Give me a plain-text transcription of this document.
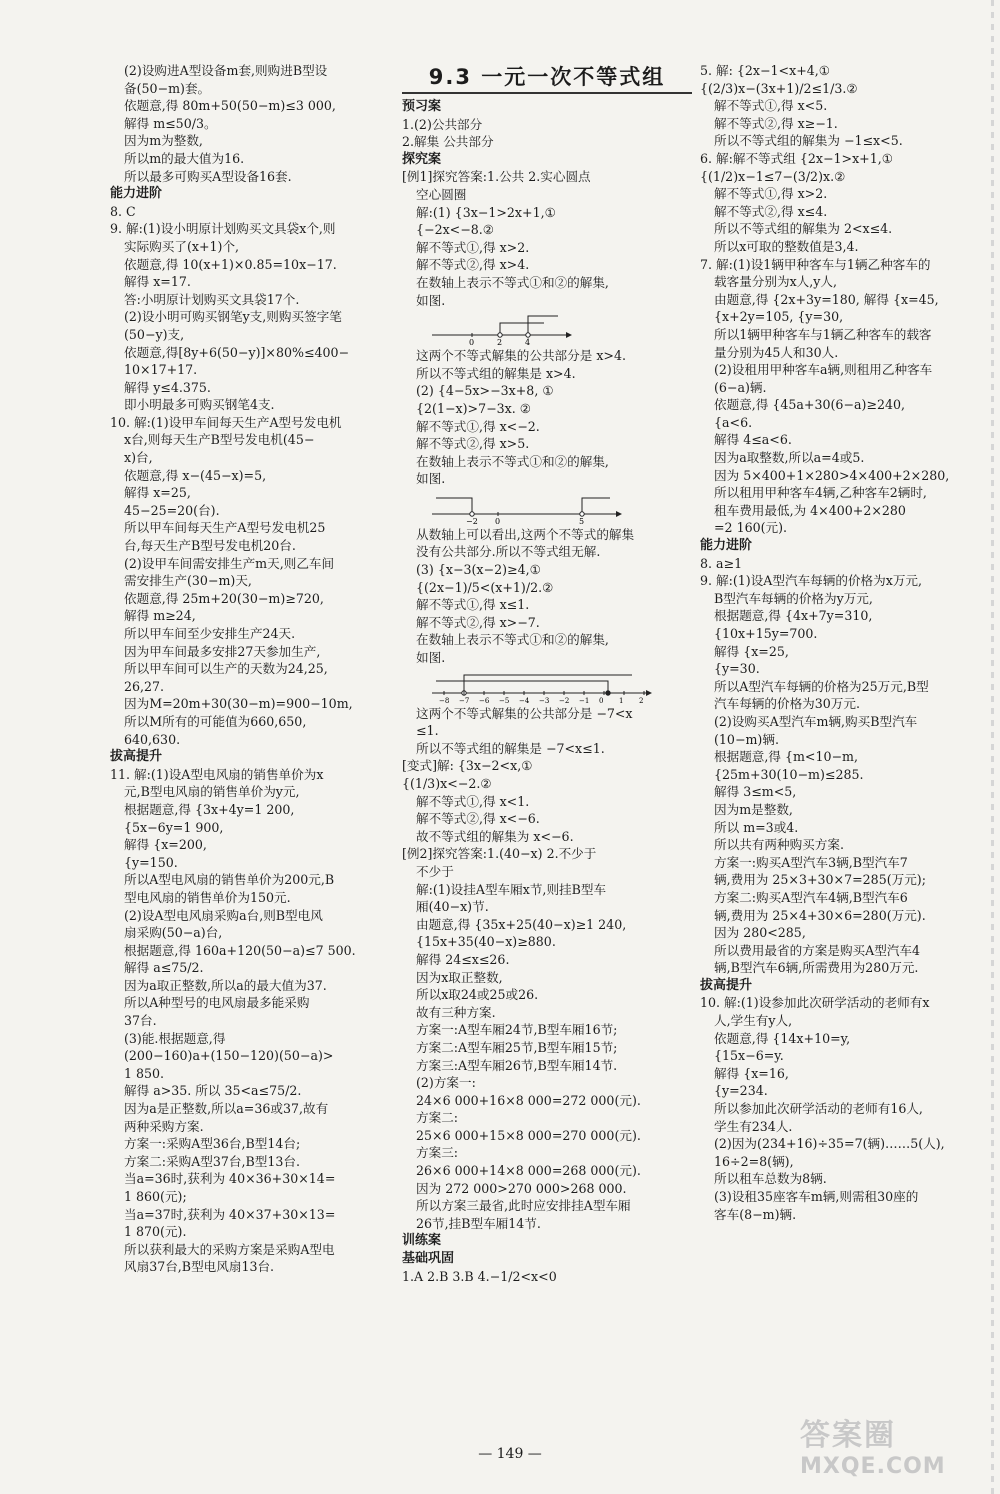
(2)设购进A型设备m套,则购进B型设
备(50−m)套。
依题意,得 80m+50(50−m)≤3 000,
解得 m≤50/3。
因为m为整数,
所以m的最大值为16.
所以最多可购买A型设备16套.
能力进阶
8. C
9. 解:(1)设小明原计划购买文具袋x个,则
实际购买了(x+1)个,
依题意,得 10(x+1)×0.85=10x−17.
解得 x=17.
答:小明原计划购买文具袋17个.
(2)设小明可购买钢笔y支,则购买签字笔
(50−y)支,
依题意,得[8y+6(50−y)]×80%≤400−
10×17+17.
解得 y≤4.375.
即小明最多可购买钢笔4支.
10. 解:(1)设甲车间每天生产A型号发电机
x台,则每天生产B型号发电机(45−
x)台,
依题意,得 x−(45−x)=5,
解得 x=25,
45−25=20(台).
所以甲车间每天生产A型号发电机25
台,每天生产B型号发电机20台.
(2)设甲车间需安排生产m天,则乙车间
需安排生产(30−m)天,
依题意,得 25m+20(30−m)≥720,
解得 m≥24,
所以甲车间至少安排生产24天.
因为甲车间最多安排27天参加生产,
所以甲车间可以生产的天数为24,25,
26,27.
因为M=20m+30(30−m)=900−10m,
所以M所有的可能值为660,650,
640,630.
拔高提升
11. 解:(1)设A型电风扇的销售单价为x
元,B型电风扇的销售单价为y元,
根据题意,得 {3x+4y=1 200,
{5x−6y=1 900,
解得 {x=200,
{y=150.
所以A型电风扇的销售单价为200元,B
型电风扇的销售单价为150元.
(2)设A型电风扇采购a台,则B型电风
扇采购(50−a)台,
根据题意,得 160a+120(50−a)≤7 500.
解得 a≤75/2.
因为a取正整数,所以a的最大值为37.
所以A种型号的电风扇最多能采购
37台.
(3)能.根据题意,得
(200−160)a+(150−120)(50−a)>
1 850.
解得 a>35. 所以 35<a≤75/2.
因为a是正整数,所以a=36或37,故有
两种采购方案.
方案一:采购A型36台,B型14台;
方案二:采购A型37台,B型13台.
当a=36时,获利为 40×36+30×14=
1 860(元);
当a=37时,获利为 40×37+30×13=
1 870(元).
所以获利最大的采购方案是采购A型电
风扇37台,B型电风扇13台.
9.3 一元一次不等式组
预习案
1.(2)公共部分
2.解集 公共部分
探究案
[例1]探究答案:1.公共 2.实心圆点
空心圆圈
解:(1) {3x−1>2x+1,①
{−2x<−8.②
解不等式①,得 x>2.
解不等式②,得 x>4.
在数轴上表示不等式①和②的解集,
如图.
0	2	4
这两个不等式解集的公共部分是 x>4.
所以不等式组的解集是 x>4.
(2) {4−5x>−3x+8, ①
{2(1−x)>7−3x. ②
解不等式①,得 x<−2.
解不等式②,得 x>5.
在数轴上表示不等式①和②的解集,
如图.
−2 0	5
从数轴上可以看出,这两个不等式的解集
没有公共部分.所以不等式组无解.
(3) {x−3(x−2)≥4,①
{(2x−1)/5<(x+1)/2.②
解不等式①,得 x≤1.
解不等式②,得 x>−7.
在数轴上表示不等式①和②的解集,
如图.
−8 −7 −6 −5 −4 −3 −2 −1 0 1 2
这两个不等式解集的公共部分是 −7<x
≤1.
所以不等式组的解集是 −7<x≤1.
[变式]解: {3x−2<x,①
{(1/3)x<−2.②
解不等式①,得 x<1.
解不等式②,得 x<−6.
故不等式组的解集为 x<−6.
[例2]探究答案:1.(40−x) 2.不少于
不少于
解:(1)设挂A型车厢x节,则挂B型车
厢(40−x)节.
由题意,得 {35x+25(40−x)≥1 240,
{15x+35(40−x)≥880.
解得 24≤x≤26.
因为x取正整数,
所以x取24或25或26.
故有三种方案.
方案一:A型车厢24节,B型车厢16节;
方案二:A型车厢25节,B型车厢15节;
方案三:A型车厢26节,B型车厢14节.
(2)方案一:
24×6 000+16×8 000=272 000(元).
方案二:
25×6 000+15×8 000=270 000(元).
方案三:
26×6 000+14×8 000=268 000(元).
因为 272 000>270 000>268 000.
所以方案三最省,此时应安排挂A型车厢
26节,挂B型车厢14节.
训练案
基础巩固
1.A 2.B 3.B 4.−1/2<x<0
5. 解: {2x−1<x+4,①
{(2/3)x−(3x+1)/2≤1/3.②
解不等式①,得 x<5.
解不等式②,得 x≥−1.
所以不等式组的解集为 −1≤x<5.
6. 解:解不等式组 {2x−1>x+1,①
{(1/2)x−1≤7−(3/2)x.②
解不等式①,得 x>2.
解不等式②,得 x≤4.
所以不等式组的解集为 2<x≤4.
所以x可取的整数值是3,4.
7. 解:(1)设1辆甲种客车与1辆乙种客车的
载客量分别为x人,y人,
由题意,得 {2x+3y=180, 解得 {x=45,
{x+2y=105, {y=30,
所以1辆甲种客车与1辆乙种客车的载客
量分别为45人和30人.
(2)设租用甲种客车a辆,则租用乙种客车
(6−a)辆.
依题意,得 {45a+30(6−a)≥240,
{a<6.
解得 4≤a<6.
因为a取整数,所以a=4或5.
因为 5×400+1×280>4×400+2×280,
所以租用甲种客车4辆,乙种客车2辆时,
租车费用最低,为 4×400+2×280
=2 160(元).
能力进阶
8. a≥1
9. 解:(1)设A型汽车每辆的价格为x万元,
B型汽车每辆的价格为y万元,
根据题意,得 {4x+7y=310,
{10x+15y=700.
解得 {x=25,
{y=30.
所以A型汽车每辆的价格为25万元,B型
汽车每辆的价格为30万元.
(2)设购买A型汽车m辆,购买B型汽车
(10−m)辆.
根据题意,得 {m<10−m,
{25m+30(10−m)≤285.
解得 3≤m<5,
因为m是整数,
所以 m=3或4.
所以共有两种购买方案.
方案一:购买A型汽车3辆,B型汽车7
辆,费用为 25×3+30×7=285(万元);
方案二:购买A型汽车4辆,B型汽车6
辆,费用为 25×4+30×6=280(万元).
因为 280<285,
所以费用最省的方案是购买A型汽车4
辆,B型汽车6辆,所需费用为280万元.
拔高提升
10. 解:(1)设参加此次研学活动的老师有x
人,学生有y人,
依题意,得 {14x+10=y,
{15x−6=y.
解得 {x=16,
{y=234.
所以参加此次研学活动的老师有16人,
学生有234人.
(2)因为(234+16)÷35=7(辆)……5(人),
16÷2=8(辆),
所以租车总数为8辆.
(3)设租35座客车m辆,则需租30座的
客车(8−m)辆.
— 149 —
答案圈
MXQE.COM
